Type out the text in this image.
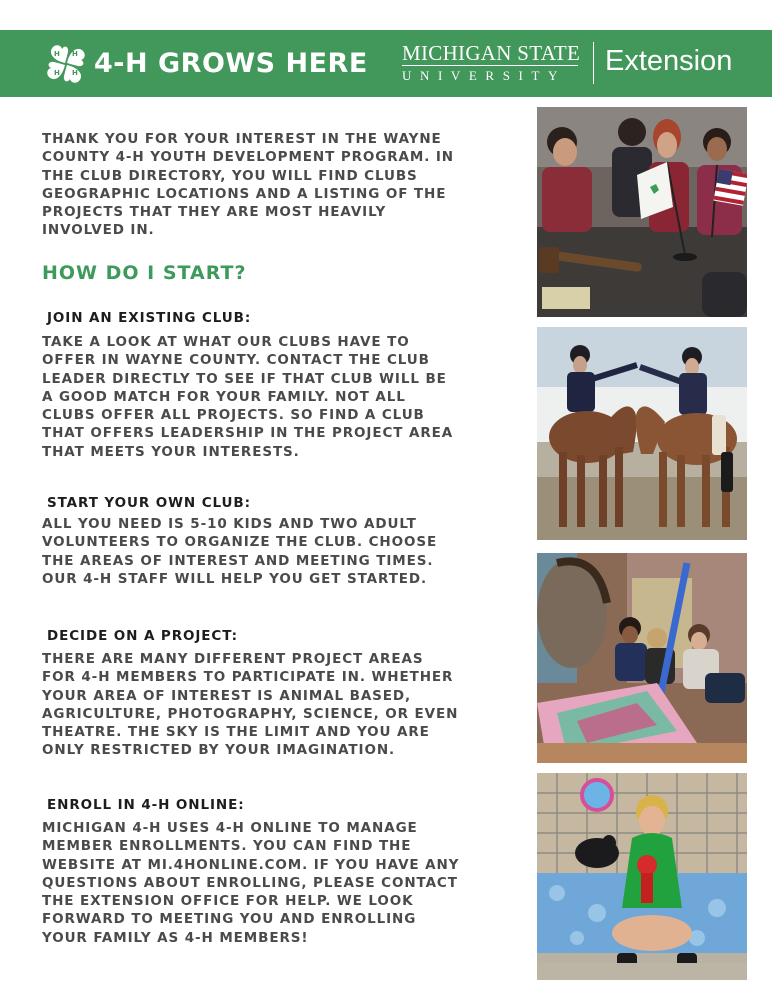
H H
H H 4-H GROWS HERE MICHIGAN STATE
UNIVERSITY	Extension
THANK YOU FOR YOUR INTEREST IN THE WAYNE COUNTY 4-H YOUTH DEVELOPMENT PROGRAM. IN THE CLUB DIRECTORY, YOU WILL FIND CLUBS GEOGRAPHIC LOCATIONS AND A LISTING OF THE PROJECTS THAT THEY ARE MOST HEAVILY INVOLVED IN.
HOW DO I START?
JOIN AN EXISTING CLUB:
TAKE A LOOK AT WHAT OUR CLUBS HAVE TO OFFER IN WAYNE COUNTY. CONTACT THE CLUB LEADER DIRECTLY TO SEE IF THAT CLUB WILL BE A GOOD MATCH FOR YOUR FAMILY. NOT ALL CLUBS OFFER ALL PROJECTS. SO FIND A CLUB THAT OFFERS LEADERSHIP IN THE PROJECT AREA THAT MEETS YOUR INTERESTS.
START YOUR OWN CLUB:
ALL YOU NEED IS 5-10 KIDS AND TWO ADULT VOLUNTEERS TO ORGANIZE THE CLUB. CHOOSE THE AREAS OF INTEREST AND MEETING TIMES. OUR 4-H STAFF WILL HELP YOU GET STARTED.
DECIDE ON A PROJECT:
THERE ARE MANY DIFFERENT PROJECT AREAS FOR 4-H MEMBERS TO PARTICIPATE IN. WHETHER YOUR AREA OF INTEREST IS ANIMAL BASED, AGRICULTURE, PHOTOGRAPHY, SCIENCE, OR EVEN THEATRE. THE SKY IS THE LIMIT AND YOU ARE ONLY RESTRICTED BY YOUR IMAGINATION.
ENROLL IN 4-H ONLINE:
MICHIGAN 4-H USES 4-H ONLINE TO MANAGE MEMBER ENROLLMENTS. YOU CAN FIND THE WEBSITE AT MI.4HONLINE.COM. IF YOU HAVE ANY QUESTIONS ABOUT ENROLLING, PLEASE CONTACT THE EXTENSION OFFICE FOR HELP. WE LOOK FORWARD TO MEETING YOU AND ENROLLING YOUR FAMILY AS 4-H MEMBERS!
